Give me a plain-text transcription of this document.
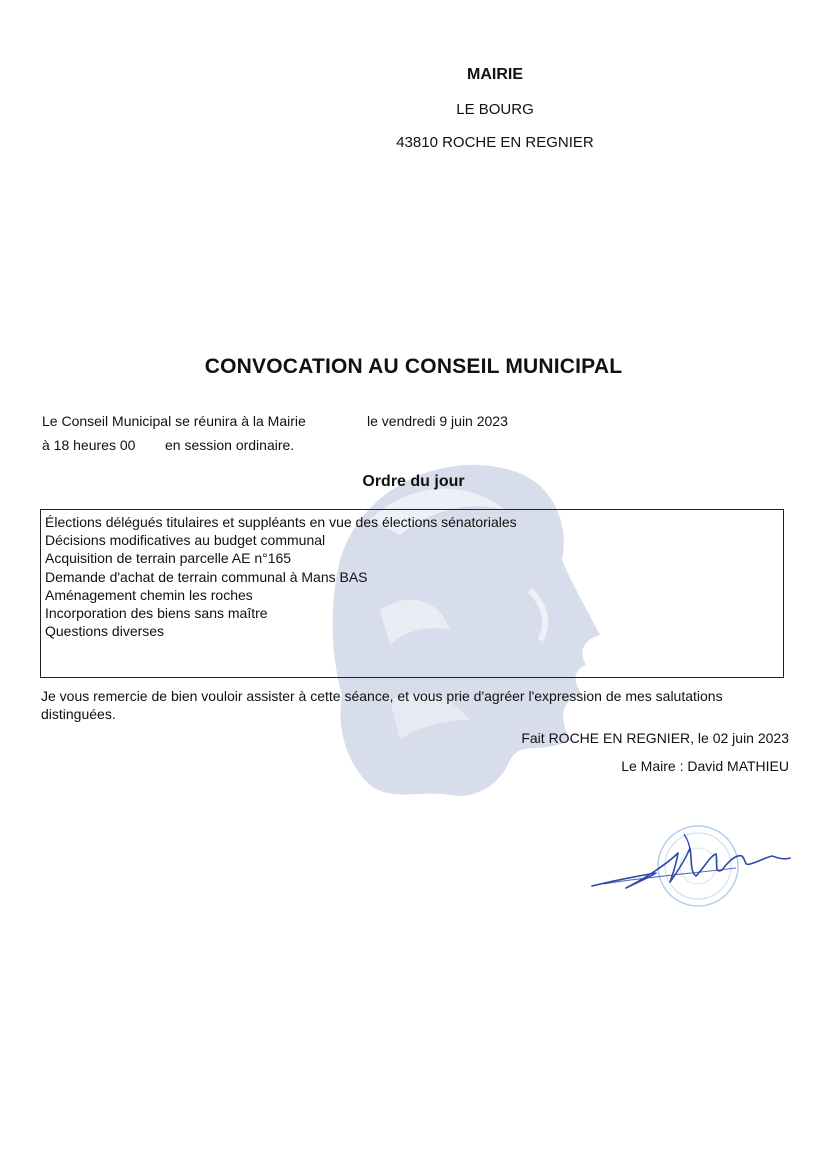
MAIRIE
LE BOURG
43810 ROCHE EN REGNIER
CONVOCATION AU CONSEIL MUNICIPAL
Le Conseil Municipal se réunira à la Mairie	le vendredi 9 juin 2023
à 18 heures 00 en session ordinaire.
Ordre du jour
Élections délégués titulaires et suppléants en vue des élections sénatoriales
Décisions modificatives au budget communal
Acquisition de terrain parcelle AE n°165
Demande d'achat de terrain communal à Mans BAS
Aménagement chemin les roches
Incorporation des biens sans maître
Questions diverses
Je vous remercie de bien vouloir assister à cette séance, et vous prie d'agréer l'expression de mes salutations distinguées.
Fait ROCHE EN REGNIER, le 02 juin 2023
Le Maire : David MATHIEU
